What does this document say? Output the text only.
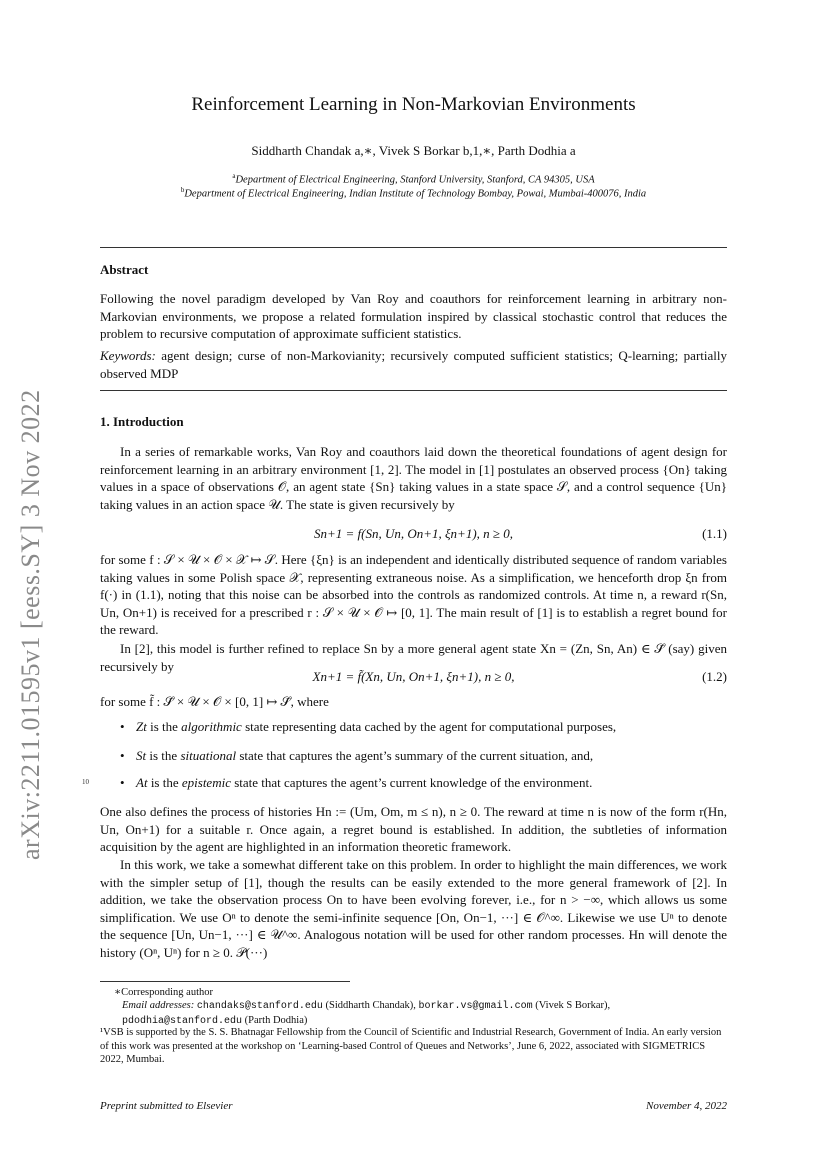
arXiv:2211.01595v1 [eess.SY] 3 Nov 2022
Reinforcement Learning in Non-Markovian Environments
Siddharth Chandak a,∗, Vivek S Borkar b,1,∗, Parth Dodhia a
$^a$Department of Electrical Engineering, Stanford University, Stanford, CA 94305, USA
$^b$Department of Electrical Engineering, Indian Institute of Technology Bombay, Powai, Mumbai-400076, India
Abstract
Following the novel paradigm developed by Van Roy and coauthors for reinforcement learning in arbitrary non-Markovian environments, we propose a related formulation inspired by classical stochastic control that reduces the problem to recursive computation of approximate sufficient statistics.
Keywords: agent design; curse of non-Markovianity; recursively computed sufficient statistics; Q-learning; partially observed MDP
1. Introduction
In a series of remarkable works, Van Roy and coauthors laid down the theoretical foundations of agent design for reinforcement learning in an arbitrary environment [1, 2]. The model in [1] postulates an observed process {On} taking values in a space of observations 𝒪, an agent state {Sn} taking values in a state space 𝒮, and a control sequence {Un} taking values in an action space 𝒰. The state is given recursively by
Sn+1 = f(Sn, Un, On+1, ξn+1), n ≥ 0,	(1.1)
for some f : 𝒮 × 𝒰 × 𝒪 × 𝒳 ↦ 𝒮. Here {ξn} is an independent and identically distributed sequence of random variables taking values in some Polish space 𝒳, representing extraneous noise. As a simplification, we henceforth drop ξn from f(·) in (1.1), noting that this noise can be absorbed into the controls as randomized controls. At time n, a reward r(Sn, Un, On+1) is received for a prescribed r : 𝒮 × 𝒰 × 𝒪 ↦ [0, 1]. The main result of [1] is to establish a regret bound for the reward.
In [2], this model is further refined to replace Sn by a more general agent state Xn = (Zn, Sn, An) ∈ 𝒮̃ (say) given recursively by
Xn+1 = f̃(Xn, Un, On+1, ξn+1), n ≥ 0,	(1.2)
for some f̃ : 𝒮̃ × 𝒰 × 𝒪 × [0, 1] ↦ 𝒮̃, where
• Zt is the algorithmic state representing data cached by the agent for computational purposes,
• St is the situational state that captures the agent’s summary of the current situation, and,
10 • At is the epistemic state that captures the agent’s current knowledge of the environment.
One also defines the process of histories Hn := (Um, Om, m ≤ n), n ≥ 0. The reward at time n is now of the form r(Hn, Un, On+1) for a suitable r. Once again, a regret bound is established. In addition, the subtleties of information acquisition by the agent are highlighted in an information theoretic framework.
In this work, we take a somewhat different take on this problem. In order to highlight the main differences, we work with the simpler setup of [1], though the results can be easily extended to the more general framework of [2]. In addition, we take the observation process On to have been evolving forever, i.e., for n > −∞, which allows us some simplification. We use Oⁿ to denote the semi-infinite sequence [On, On−1, ···] ∈ 𝒪^∞. Likewise we use Uⁿ to denote the sequence [Un, Un−1, ···] ∈ 𝒰^∞. Analogous notation will be used for other random processes. Hn will denote the history (Oⁿ, Uⁿ) for n ≥ 0. 𝒫(···)
∗Corresponding author
Email addresses: chandaks@stanford.edu (Siddharth Chandak), borkar.vs@gmail.com (Vivek S Borkar), pdodhia@stanford.edu (Parth Dodhia)
¹VSB is supported by the S. S. Bhatnagar Fellowship from the Council of Scientific and Industrial Research, Government of India. An early version of this work was presented at the workshop on ‘Learning-based Control of Queues and Networks’, June 6, 2022, associated with SIGMETRICS 2022, Mumbai.
Preprint submitted to Elsevier	November 4, 2022
